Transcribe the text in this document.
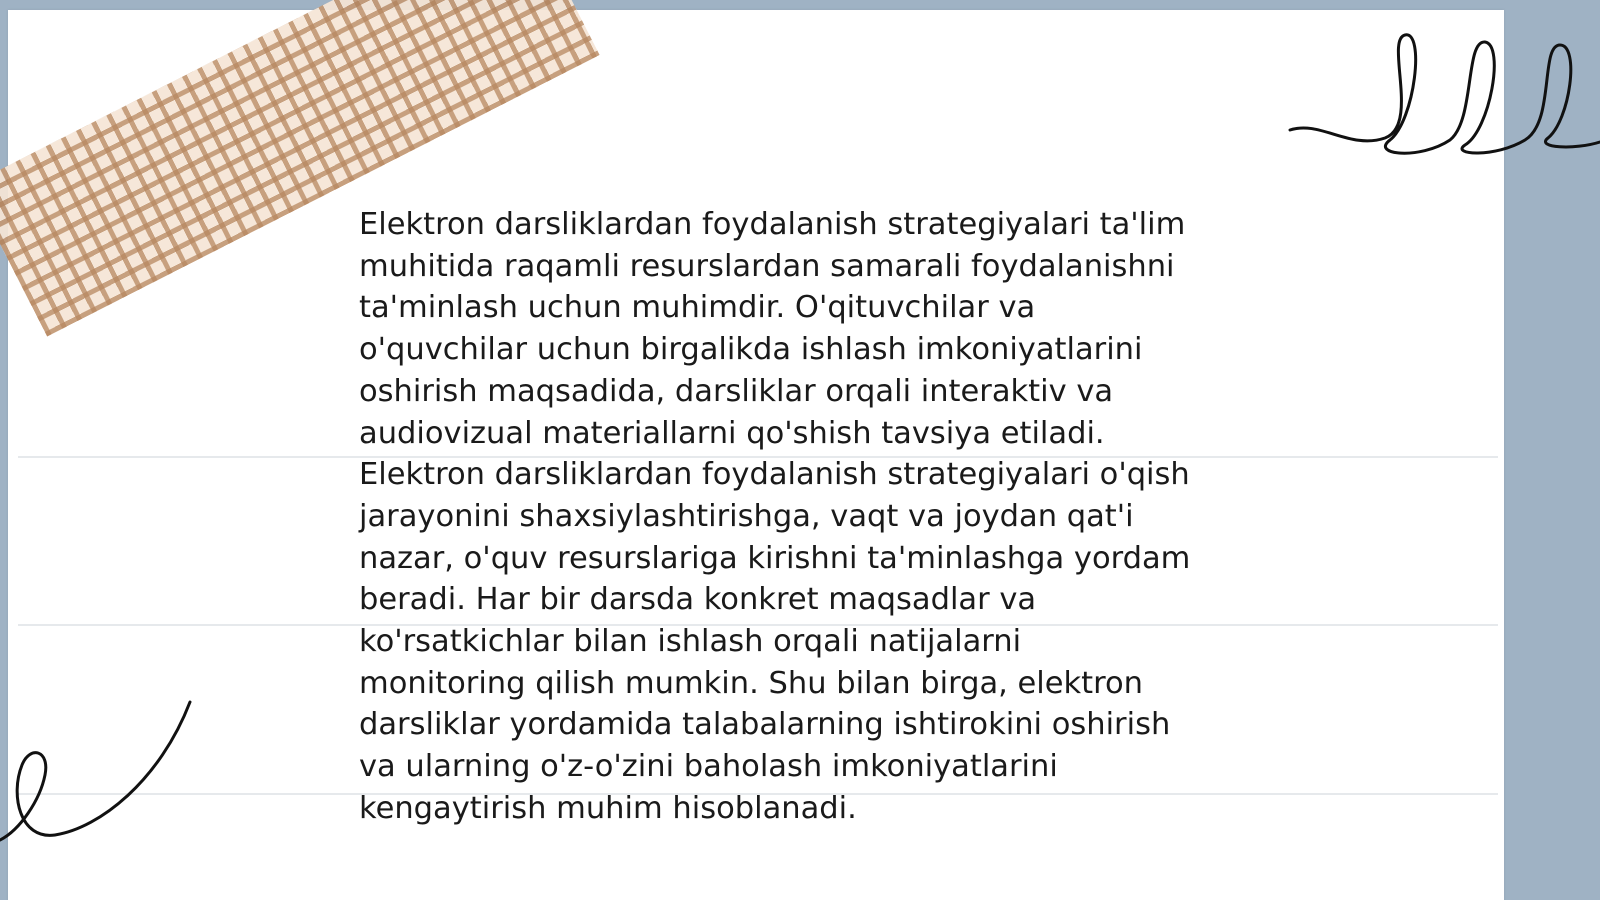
Elektron darsliklardan foydalanish strategiyalari ta'lim
muhitida raqamli resurslardan samarali foydalanishni
ta'minlash uchun muhimdir. O'qituvchilar va
o'quvchilar uchun birgalikda ishlash imkoniyatlarini
oshirish maqsadida, darsliklar orqali interaktiv va
audiovizual materiallarni qo'shish tavsiya etiladi.
Elektron darsliklardan foydalanish strategiyalari o'qish
jarayonini shaxsiylashtirishga, vaqt va joydan qat'i
nazar, o'quv resurslariga kirishni ta'minlashga yordam
beradi. Har bir darsda konkret maqsadlar va
ko'rsatkichlar bilan ishlash orqali natijalarni
monitoring qilish mumkin. Shu bilan birga, elektron
darsliklar yordamida talabalarning ishtirokini oshirish
va ularning o'z-o'zini baholash imkoniyatlarini
kengaytirish muhim hisoblanadi.
